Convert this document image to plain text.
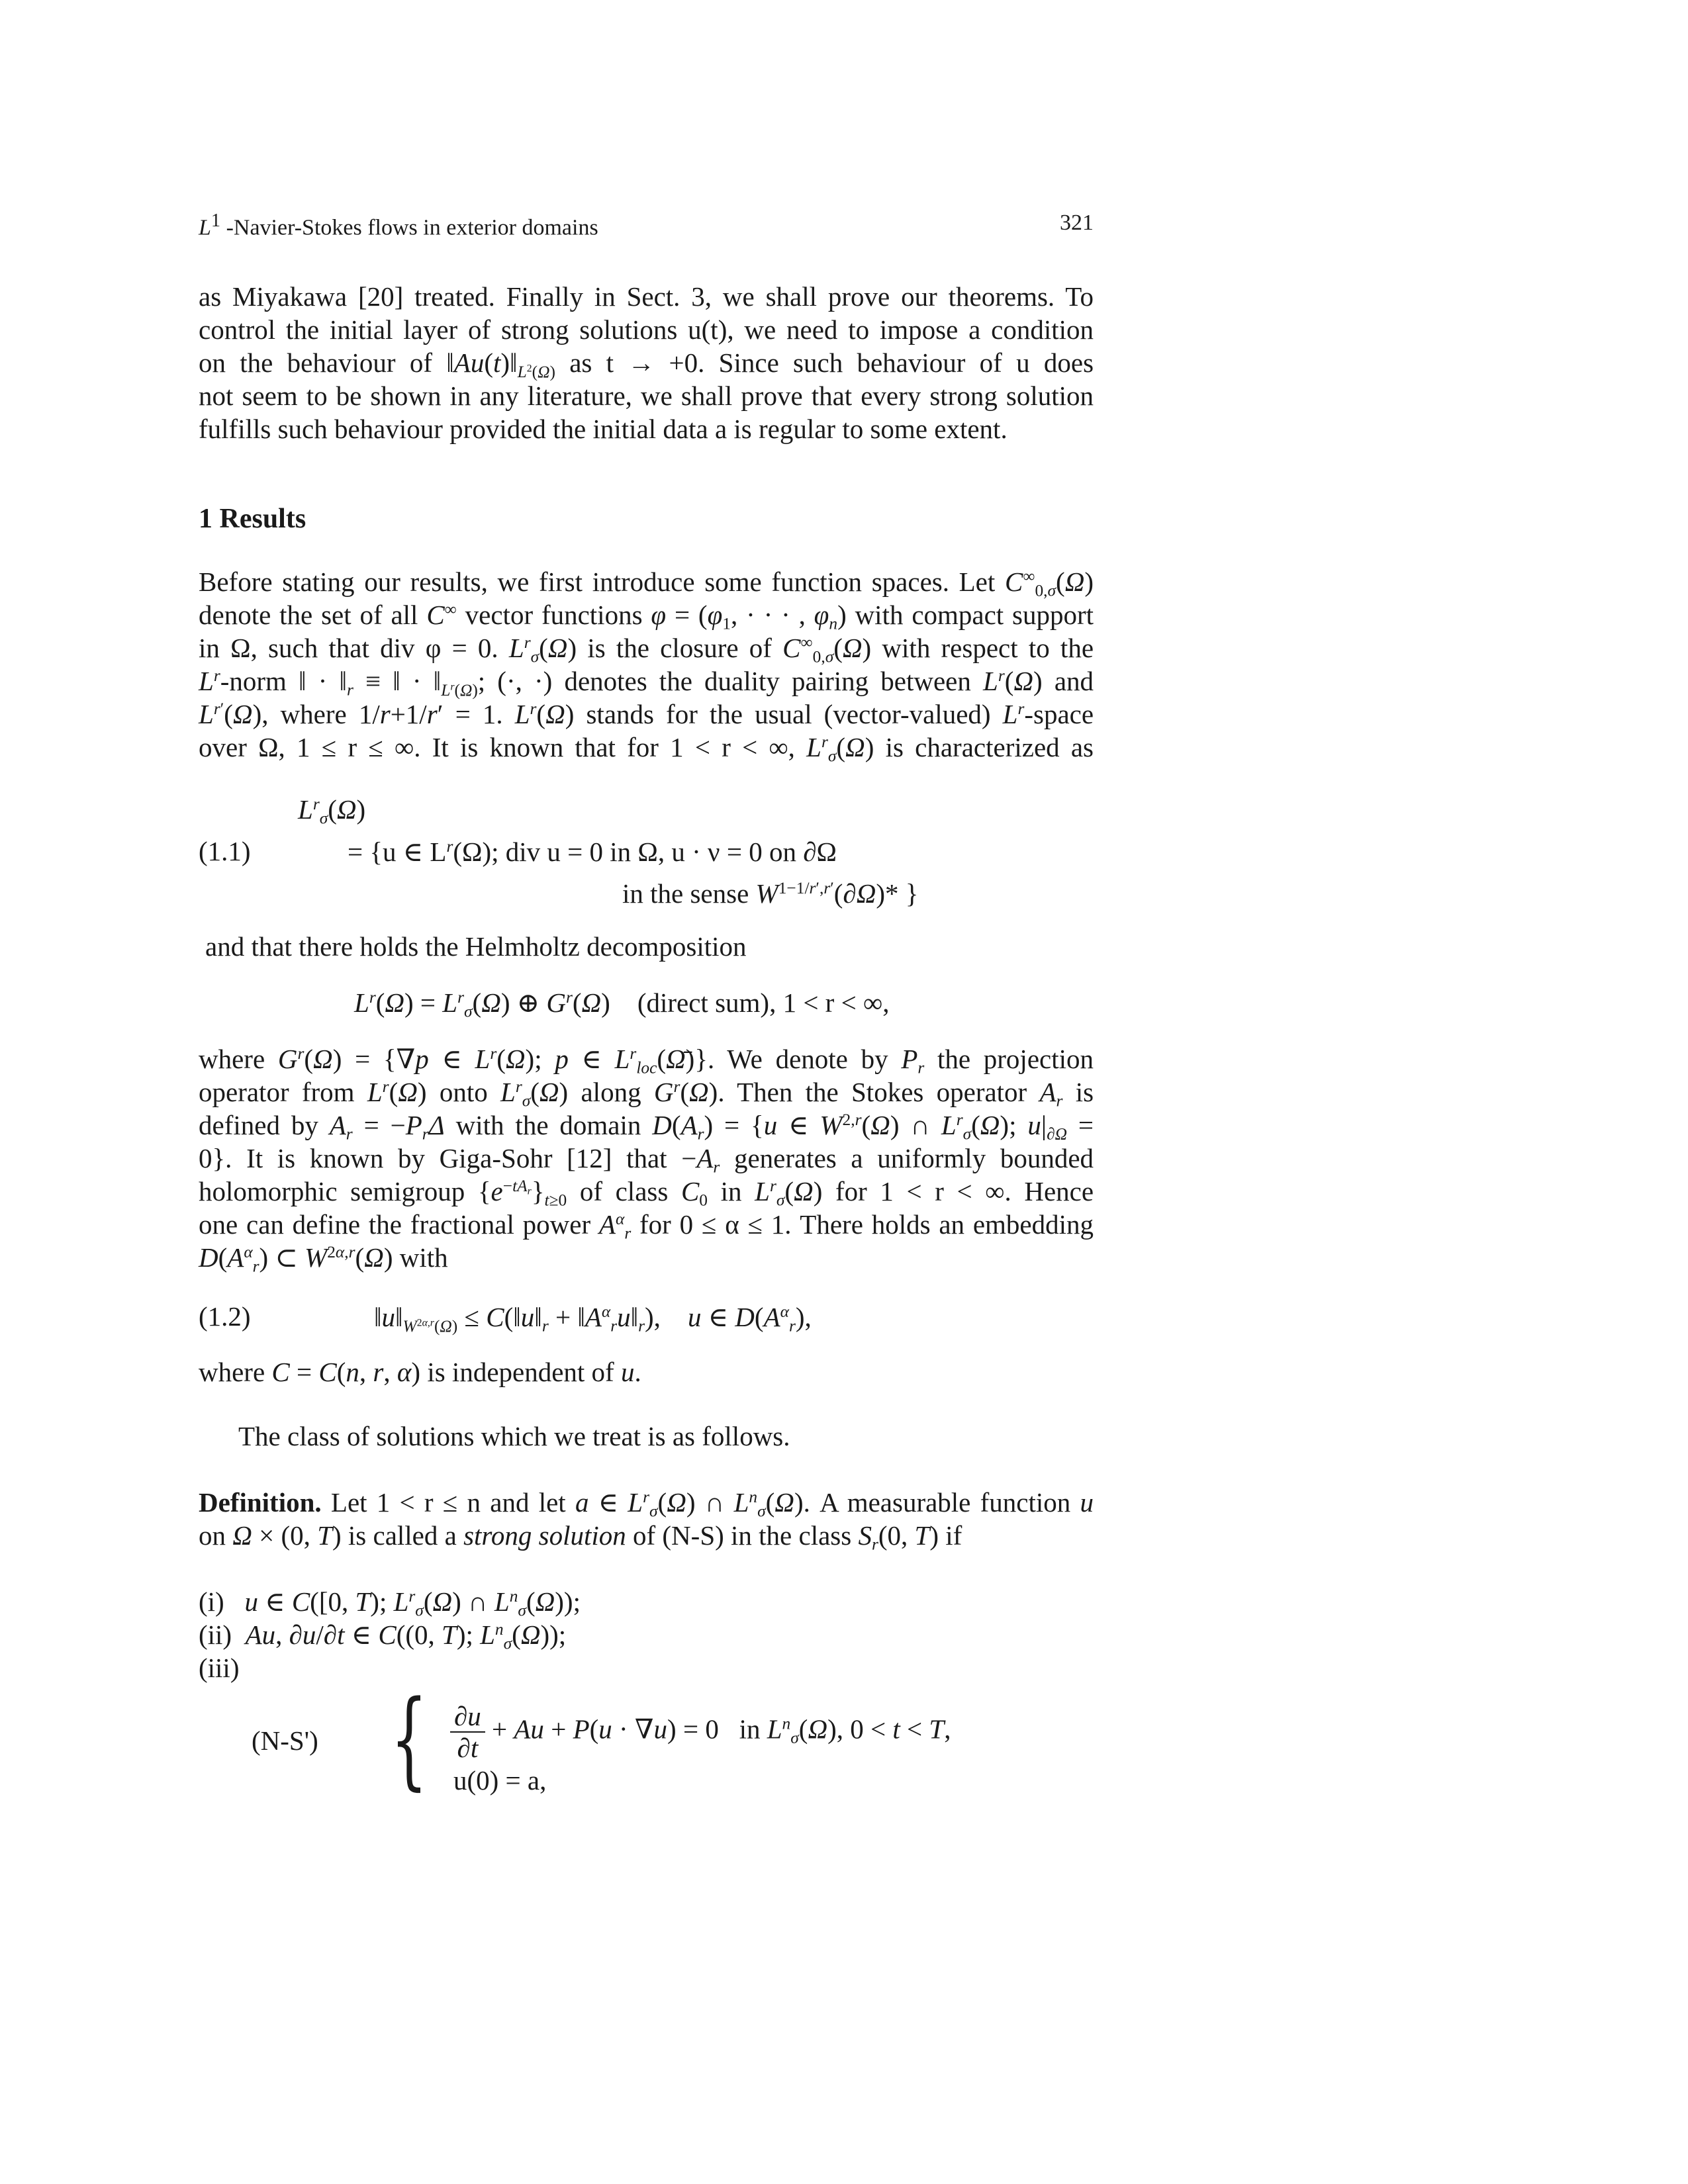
$L^1$ -Navier-Stokes flows in exterior domains	321
as Miyakawa [20] treated. Finally in Sect. 3, we shall prove our theorems. To
control the initial layer of strong solutions u(t), we need to impose a condition
on the behaviour of $‖Au(t)‖_{L^2(\Omega)}$ as t → +0. Since such behaviour of u does
not seem to be shown in any literature, we shall prove that every strong solution
fulfills such behaviour provided the initial data a is regular to some extent.
1 Results
Before stating our results, we first introduce some function spaces. Let $C^\infty_{0,\sigma}(\Omega)$
denote the set of all C∞ vector functions $\varphi = (\varphi_1$, · · · , $\varphi_n$) with compact support
in Ω, such that div φ = 0. $L^r_\sigma(\Omega)$ is the closure of $C^\infty_{0,\sigma}(\Omega)$ with respect to the
$L^r$-norm ‖ · $‖_r$ ≡ ‖ · $‖_{L^r(\Omega)}$; (·, ·) denotes the duality pairing between $L^r(\Omega)$ and
$L^{r'}(\Omega)$, where 1/r+1/r′ = 1. $L^r(\Omega)$ stands for the usual (vector-valued) $L^r$-space
over Ω, 1 ≤ r ≤ ∞. It is known that for 1 < r < ∞, $L^r_\sigma(\Omega)$ is characterized as
$L^r_\sigma(\Omega)$
(1.1)	= {u ∈ $L^r(\Omega)$; div u = 0 in Ω, u · ν = 0 on ∂Ω
in the sense $W^{1-1/r',r'}(\partial\Omega)*$ }
and that there holds the Helmholtz decomposition
$L^r(\Omega) = L^r_\sigma(\Omega)$ ⊕ $G^r(\Omega)$    (direct sum), 1 < r < ∞,
where $G^r(\Omega) = \{\nabla p$ ∈ $L^r(\Omega)$; p ∈ $L^r_{loc}(\Omegā)$}. We denote by $P_r$ the projection
operator from $L^r(\Omega)$ onto $L^r_\sigma(\Omega)$ along $G^r(\Omega)$. Then the Stokes operator $A_r$ is
defined by $A_r = -P_r\Delta$ with the domain $D(A_r) = \{u$ ∈ W$^{2,r}$(Ω) ∩ $L^r_\sigma(\Omega)$; $u|_{\partial\Omega}$ =
0}. It is known by Giga-Sohr [12] that $-A_r$ generates a uniformly bounded
holomorphic semigroup $\{e^{-tA_r}\}_{t\ge 0}$ of class $C_0$ in $L^r_\sigma(\Omega)$ for 1 < r < ∞. Hence
one can define the fractional power $A^\alpha_r$ for 0 ≤ α ≤ 1. There holds an embedding
$D(A^\alpha_r)$ ⊂ $W^{2\alpha,r}(\Omega)$ with
(1.2)	$‖u‖_{W^{2\alpha,r}(\Omega)}$ ≤ $C(‖u‖_r$ + $‖A^\alpha_ru‖_r$),    u ∈ $D(A^\alpha_r)$,
where C = C(n, r, α) is independent of u.
The class of solutions which we treat is as follows.
Definition. Let 1 < r ≤ n and let a ∈ $L^r_\sigma(\Omega)$ ∩ $L^n_\sigma(\Omega)$. A measurable function u
on Ω × (0, T) is called a strong solution of (N-S) in the class $S_r(0$, T) if
(i) u ∈ C([0, T); $L^r_\sigma(\Omega)$ ∩ $L^n_\sigma(\Omega)$);
(ii) Au, ∂u/∂t ∈ C((0, T); $L^n_\sigma(\Omega)$);
(iii)
(N-S') { $\frac{\partial u}{\partial t} + Au + P(u \cdot \nabla u) = 0$   in $L^n_\sigma(\Omega)$, 0 < t < T,
u(0) = a,
